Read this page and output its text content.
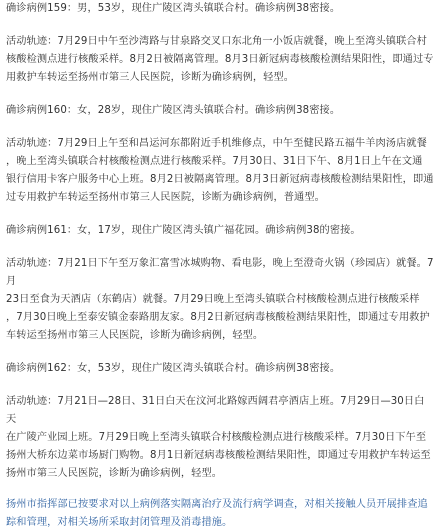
确诊病例159：男，53岁，现住广陵区湾头镇联合村。确诊病例38密接。
活动轨迹：7月29日中午至沙湾路与甘泉路交叉口东北角一小饭店就餐，晚上至湾头镇联合村
核酸检测点进行核酸采样。8月2日被隔离管理。8月3日新冠病毒核酸检测结果阳性，即通过专
用救护车转运至扬州市第三人民医院，诊断为确诊病例，轻型。
确诊病例160：女，28岁，现住广陵区湾头镇联合村。确诊病例38密接。
活动轨迹：7月29日上午至和昌运河东都附近手机维修点，中午至健民路五福牛羊肉汤店就餐
，晚上至湾头镇联合村核酸检测点进行核酸采样。7月30日、31日下午、8月1日上午在文通
银行信用卡客户服务中心上班。8月2日被隔离管理。8月3日新冠病毒核酸检测结果阳性，即通
过专用救护车转运至扬州市第三人民医院，诊断为确诊病例，普通型。
确诊病例161：女，17岁，现住广陵区湾头镇广福花园。确诊病例38的密接。
活动轨迹：7月21日下午至万象汇富雪冰城购物、看电影，晚上至澄奇火锅（珍园店）就餐。7月
23日至食为天酒店（东鹤店）就餐。7月29日晚上至湾头镇联合村核酸检测点进行核酸采样
，7月30日晚上至泰安镇金泰路朋友家。8月2日新冠病毒核酸检测结果阳性，即通过专用救护
车转运至扬州市第三人民医院，诊断为确诊病例，轻型。
确诊病例162：女，53岁，现住广陵区湾头镇联合村。确诊病例38密接。
活动轨迹：7月21日—28日、31日白天在汶河北路嫁西阔君亭酒店上班。7月29日—30日白天
在广陵产业园上班。7月29日晚上至湾头镇联合村核酸检测点进行核酸采样。7月30日下午至
扬州大桥东边菜市场厨门购物。8月1日新冠病毒核酸检测结果阳性，即通过专用救护车转运至
扬州市第三人民医院，诊断为确诊病例，轻型。
扬州市指挥部已按要求对以上病例落实隔离治疗及流行病学调查，对相关接触人员开展排查追
踪和管理，对相关场所采取封闭管理及消毒措施。
